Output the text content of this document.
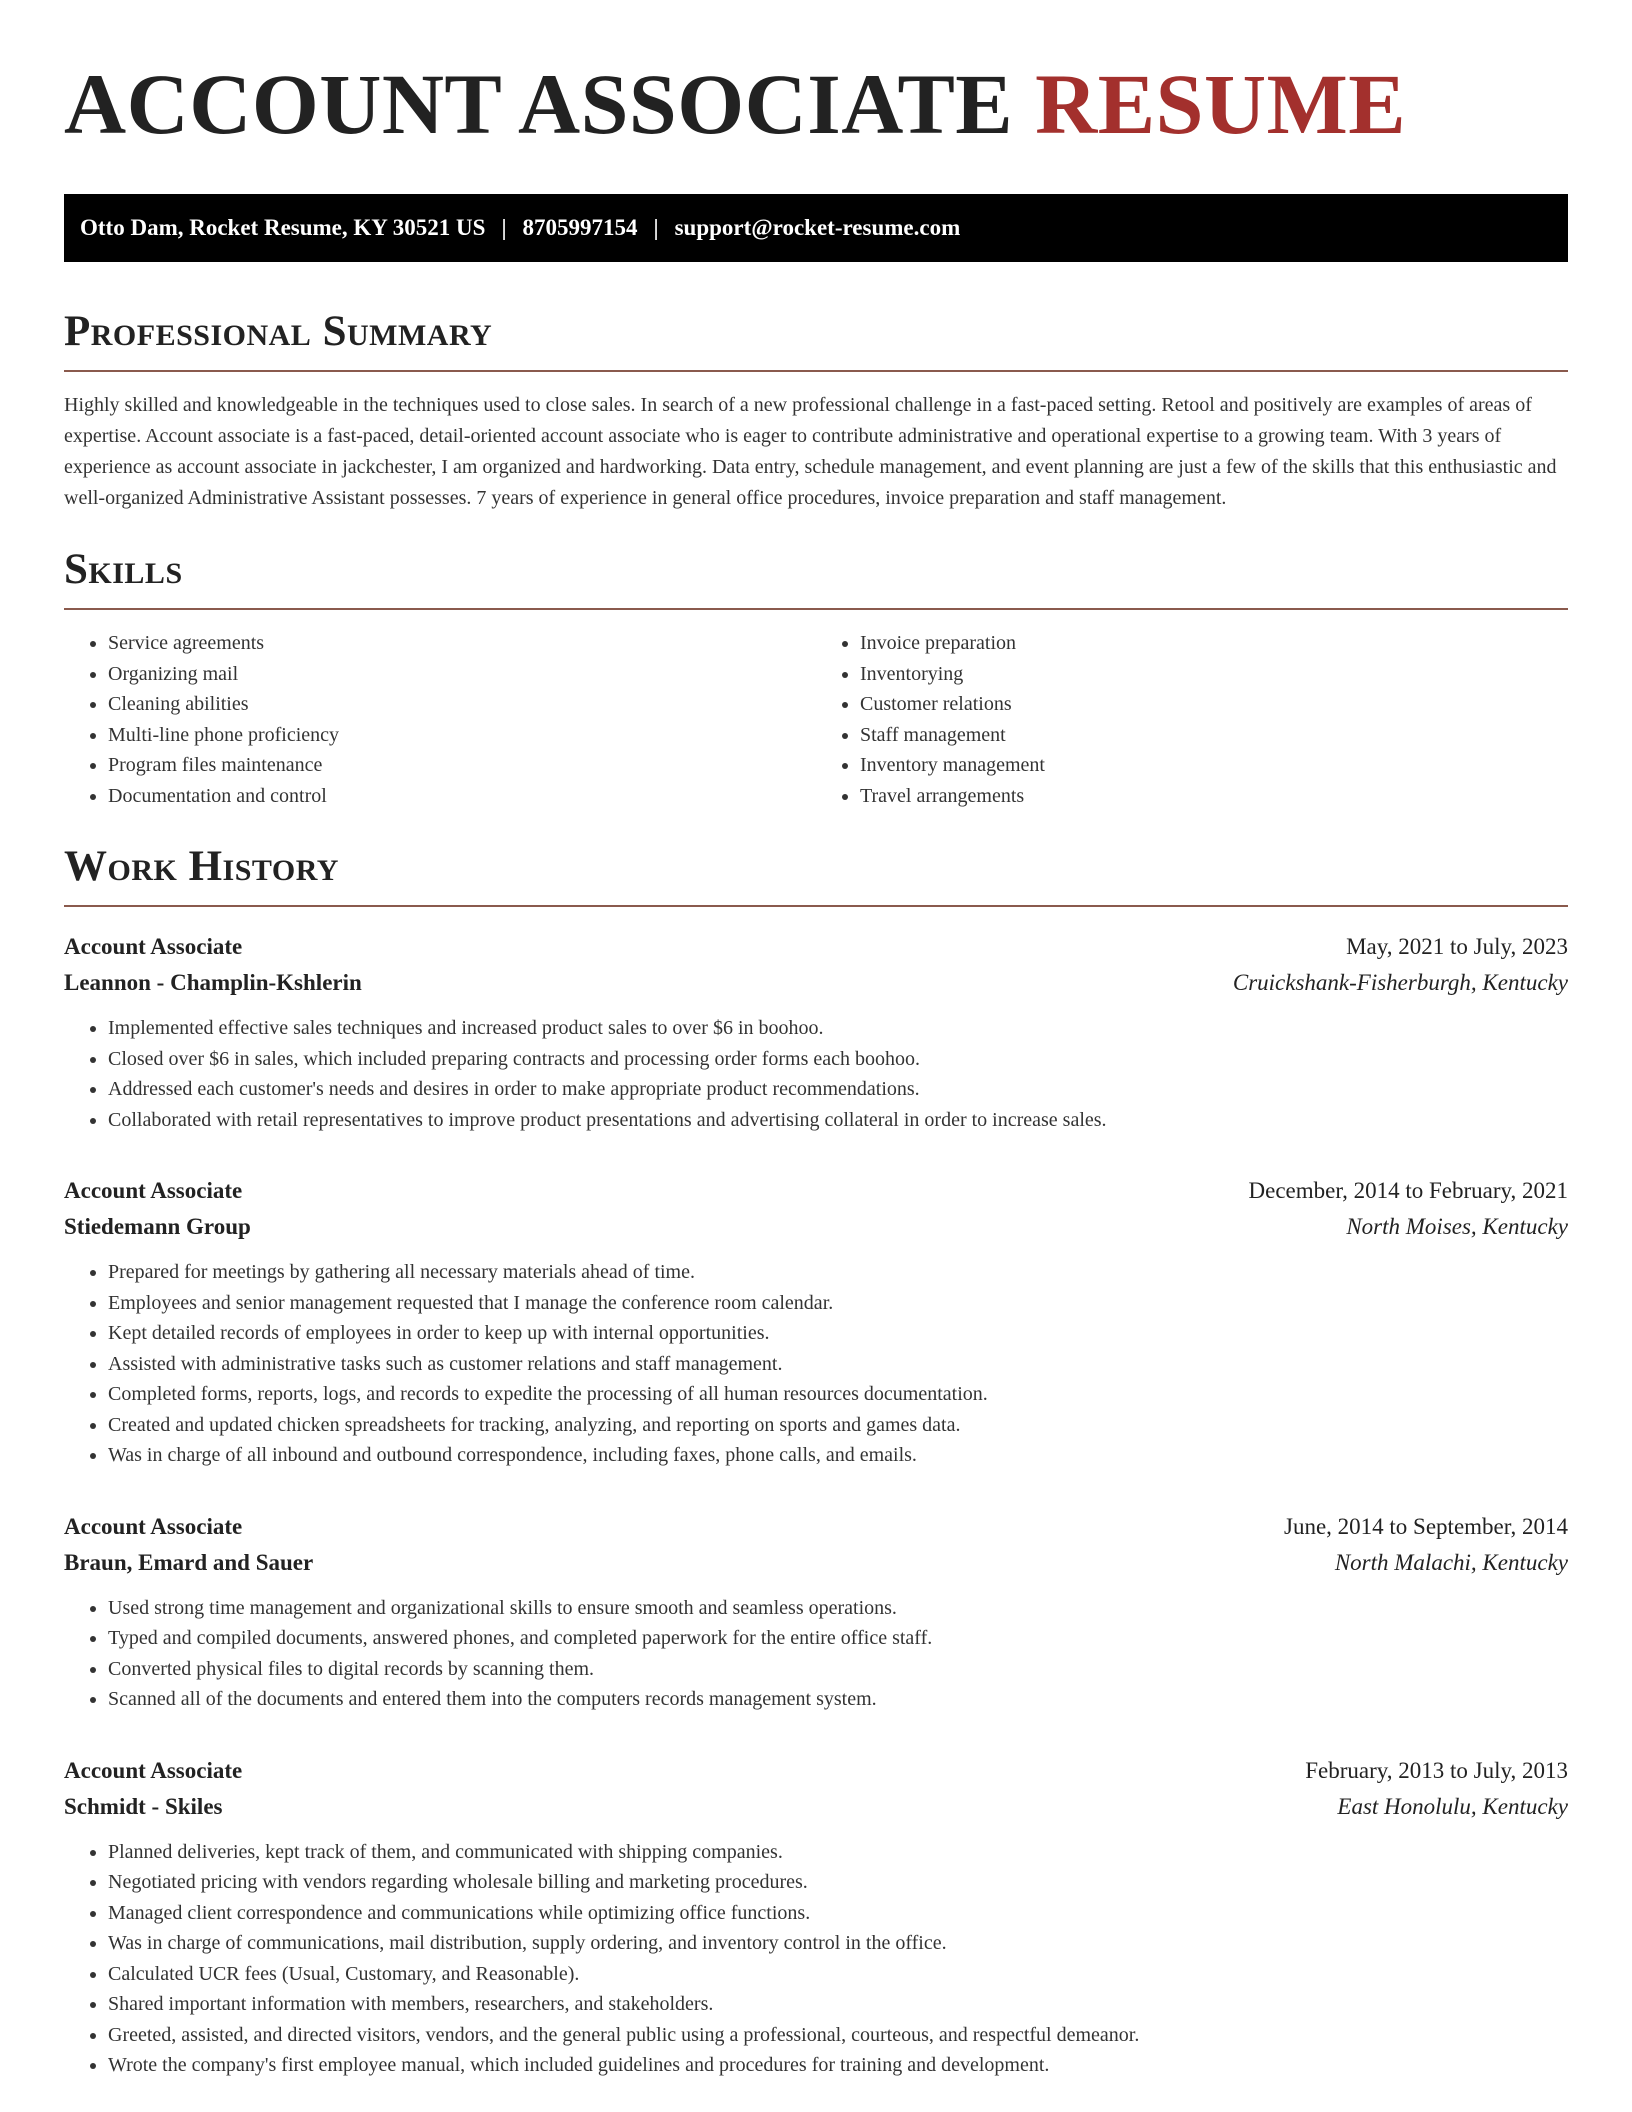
ACCOUNT ASSOCIATE RESUME
Otto Dam, Rocket Resume, KY 30521 US | 8705997154 | support@rocket-resume.com
Professional Summary

Highly skilled and knowledgeable in the techniques used to close sales. In search of a new professional challenge in a fast-paced setting. Retool and positively are examples of areas of expertise. Account associate is a fast-paced, detail-oriented account associate who is eager to contribute administrative and operational expertise to a growing team. With 3 years of experience as account associate in jackchester, I am organized and hardworking. Data entry, schedule management, and event planning are just a few of the skills that this enthusiastic and well-organized Administrative Assistant possesses. 7 years of experience in general office procedures, invoice preparation and staff management.

Skills
• Service agreements
• Organizing mail
• Cleaning abilities
• Multi-line phone proficiency
• Program files maintenance
• Documentation and control
• Invoice preparation
• Inventorying
• Customer relations
• Staff management
• Inventory management
• Travel arrangements
Work History
Account Associate	May, 2021 to July, 2023
Leannon - Champlin-Kshlerin	Cruickshank-Fisherburgh, Kentucky
• Implemented effective sales techniques and increased product sales to over $6 in boohoo.
• Closed over $6 in sales, which included preparing contracts and processing order forms each boohoo.
• Addressed each customer's needs and desires in order to make appropriate product recommendations.
• Collaborated with retail representatives to improve product presentations and advertising collateral in order to increase sales.
Account Associate	December, 2014 to February, 2021
Stiedemann Group	North Moises, Kentucky
• Prepared for meetings by gathering all necessary materials ahead of time.
• Employees and senior management requested that I manage the conference room calendar.
• Kept detailed records of employees in order to keep up with internal opportunities.
• Assisted with administrative tasks such as customer relations and staff management.
• Completed forms, reports, logs, and records to expedite the processing of all human resources documentation.
• Created and updated chicken spreadsheets for tracking, analyzing, and reporting on sports and games data.
• Was in charge of all inbound and outbound correspondence, including faxes, phone calls, and emails.
Account Associate	June, 2014 to September, 2014
Braun, Emard and Sauer	North Malachi, Kentucky
• Used strong time management and organizational skills to ensure smooth and seamless operations.
• Typed and compiled documents, answered phones, and completed paperwork for the entire office staff.
• Converted physical files to digital records by scanning them.
• Scanned all of the documents and entered them into the computers records management system.
Account Associate	February, 2013 to July, 2013
Schmidt - Skiles	East Honolulu, Kentucky
• Planned deliveries, kept track of them, and communicated with shipping companies.
• Negotiated pricing with vendors regarding wholesale billing and marketing procedures.
• Managed client correspondence and communications while optimizing office functions.
• Was in charge of communications, mail distribution, supply ordering, and inventory control in the office.
• Calculated UCR fees (Usual, Customary, and Reasonable).
• Shared important information with members, researchers, and stakeholders.
• Greeted, assisted, and directed visitors, vendors, and the general public using a professional, courteous, and respectful demeanor.
• Wrote the company's first employee manual, which included guidelines and procedures for training and development.
